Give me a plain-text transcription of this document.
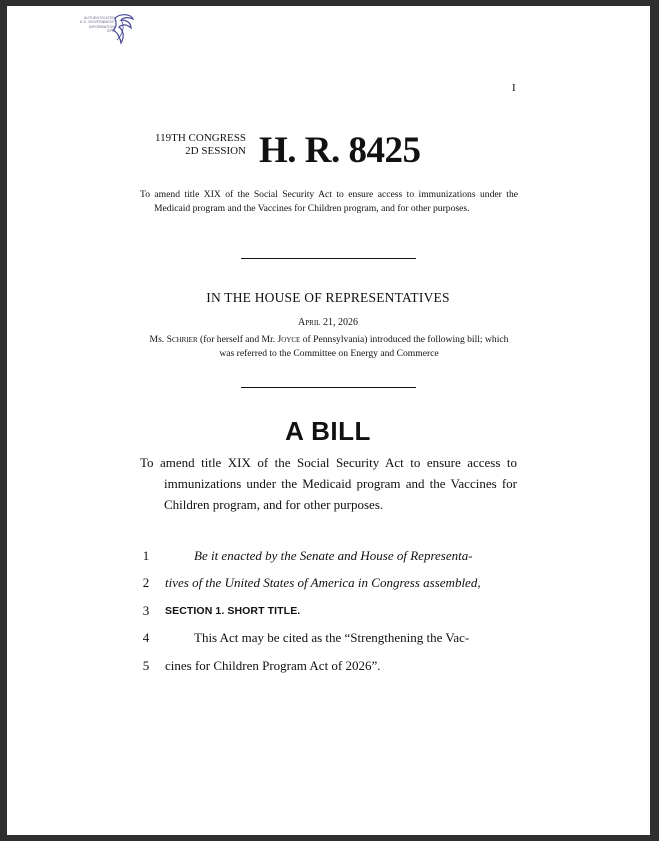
AUTHENTICATED
U.S. GOVERNMENT
INFORMATION
GPO
I
119TH CONGRESS
2D SESSION H. R. 8425
To amend title XIX of the Social Security Act to ensure access to immunizations under the Medicaid program and the Vaccines for Children program, and for other purposes.
IN THE HOUSE OF REPRESENTATIVES
April 21, 2026
Ms. Schrier (for herself and Mr. Joyce of Pennsylvania) introduced the following bill; which was referred to the Committee on Energy and Commerce
A BILL

To amend title XIX of the Social Security Act to ensure access to immunizations under the Medicaid program and the Vaccines for Children program, and for other purposes.

1	Be it enacted by the Senate and House of Representa-
2 tives of the United States of America in Congress assembled,
3 SECTION 1. SHORT TITLE.
4	This Act may be cited as the “Strengthening the Vac-
5 cines for Children Program Act of 2026”.
